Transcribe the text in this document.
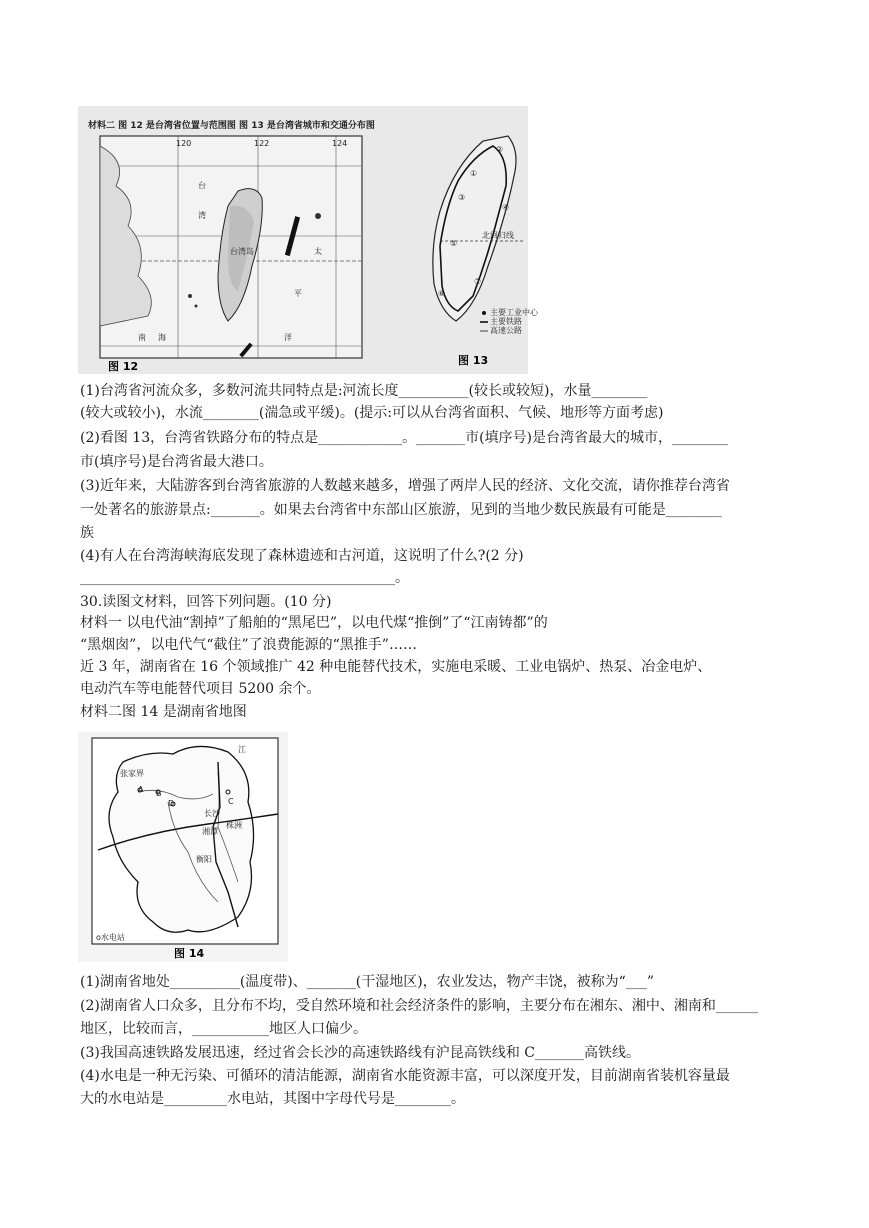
材料二 图 12 是台湾省位置与范围图 图 13 是台湾省城市和交通分布图
120	122	124
台
湾
台湾岛	太
平
洋
南 海
图 12
北回归线
①
②
③
④
⑤
⑥
⑦
主要工业中心
主要铁路
高速公路
图 13
(1)台湾省河流众多，多数河流共同特点是:河流长度__________(较长或较短)，水量________
(较大或较小)，水流________(湍急或平缓)。(提示:可以从台湾省面积、气候、地形等方面考虑)
(2)看图 13，台湾省铁路分布的特点是____________。_______市(填序号)是台湾省最大的城市，________
市(填序号)是台湾省最大港口。
(3)近年来，大陆游客到台湾省旅游的人数越来越多，增强了两岸人民的经济、文化交流，请你推荐台湾省
一处著名的旅游景点:_______。如果去台湾省中东部山区旅游，见到的当地少数民族最有可能是________
族
(4)有人在台湾海峡海底发现了森林遗迹和古河道，这说明了什么?(2 分)
_____________________________________________。
30.读图文材料，回答下列问题。(10 分)
材料一 以电代油“割掉”了船舶的“黑尾巴”，以电代煤“推倒”了“江南铸都”的
“黑烟囱”，以电代气“截住”了浪费能源的“黑推手”……
近 3 年，湖南省在 16 个领域推广 42 种电能替代技术，实施电采暖、工业电锅炉、热泵、冶金电炉、
电动汽车等电能替代项目 5200 余个。
材料二图 14 是湖南省地图
A B
C
D
张家界
长沙
湘潭
株洲
衡阳
江
o水电站
图 14
(1)湖南省地处__________(温度带)、_______(干湿地区)，农业发达，物产丰饶，被称为“___”
(2)湖南省人口众多，且分布不均，受自然环境和社会经济条件的影响，主要分布在湘东、湘中、湘南和______
地区，比较而言，___________地区人口偏少。
(3)我国高速铁路发展迅速，经过省会长沙的高速铁路线有沪昆高铁线和 C_______高铁线。
(4)水电是一种无污染、可循环的清洁能源，湖南省水能资源丰富，可以深度开发，目前湖南省装机容量最
大的水电站是_________水电站，其图中字母代号是________。
